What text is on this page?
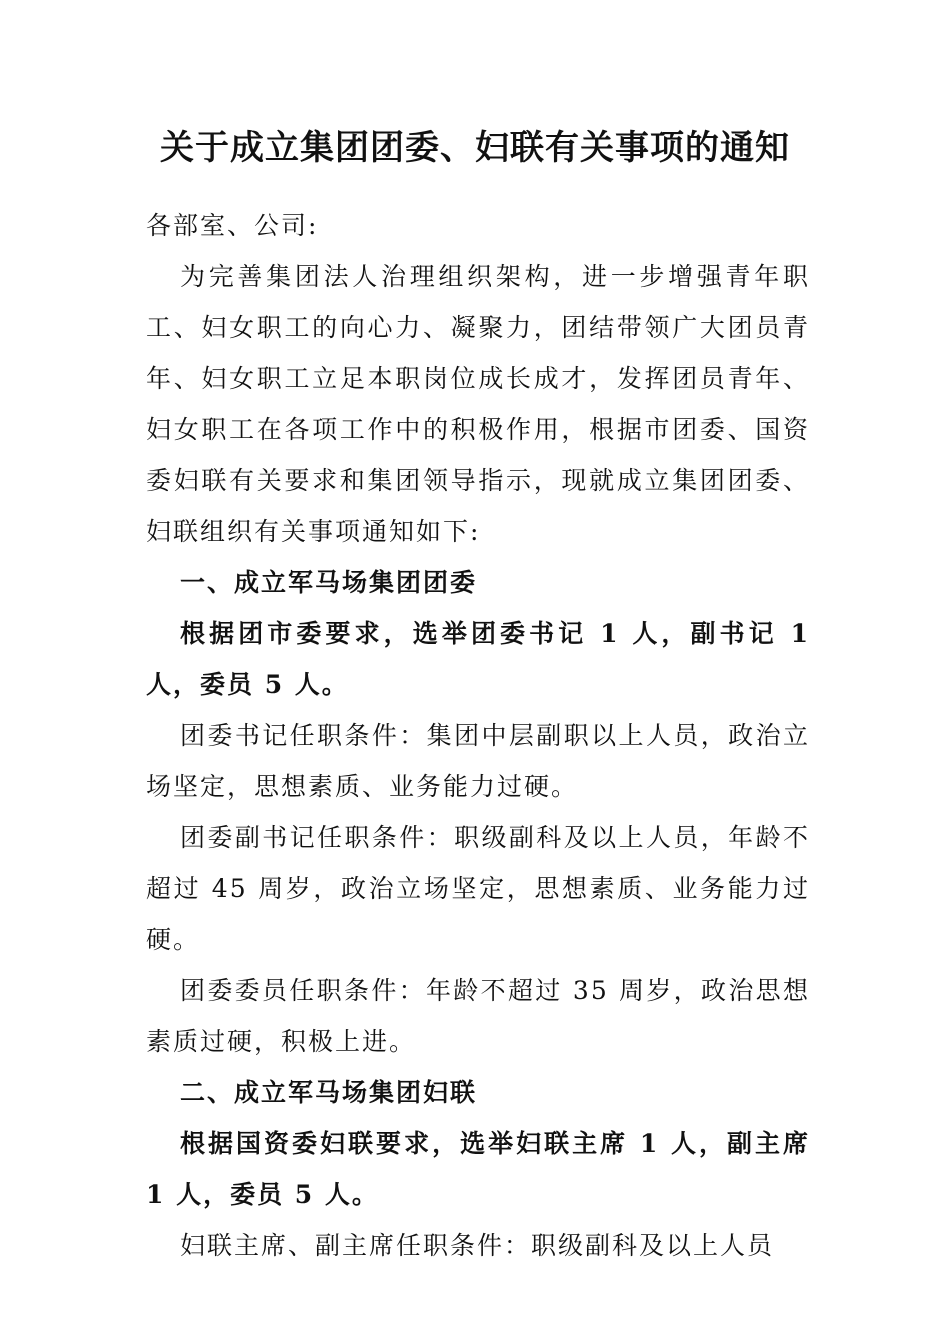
关于成立集团团委、妇联有关事项的通知

各部室、公司:

为完善集团法人治理组织架构，进一步增强青年职工、妇女职工的向心力、凝聚力，团结带领广大团员青年、妇女职工立足本职岗位成长成才，发挥团员青年、妇女职工在各项工作中的积极作用，根据市团委、国资委妇联有关要求和集团领导指示，现就成立集团团委、妇联组织有关事项通知如下:

一、成立军马场集团团委

根据团市委要求，选举团委书记 1 人，副书记 1 人，委员 5 人。

团委书记任职条件：集团中层副职以上人员，政治立场坚定，思想素质、业务能力过硬。

团委副书记任职条件：职级副科及以上人员，年龄不超过 45 周岁，政治立场坚定，思想素质、业务能力过硬。

团委委员任职条件：年龄不超过 35 周岁，政治思想素质过硬，积极上进。

二、成立军马场集团妇联

根据国资委妇联要求，选举妇联主席 1 人，副主席 1 人，委员 5 人。

妇联主席、副主席任职条件：职级副科及以上人员
